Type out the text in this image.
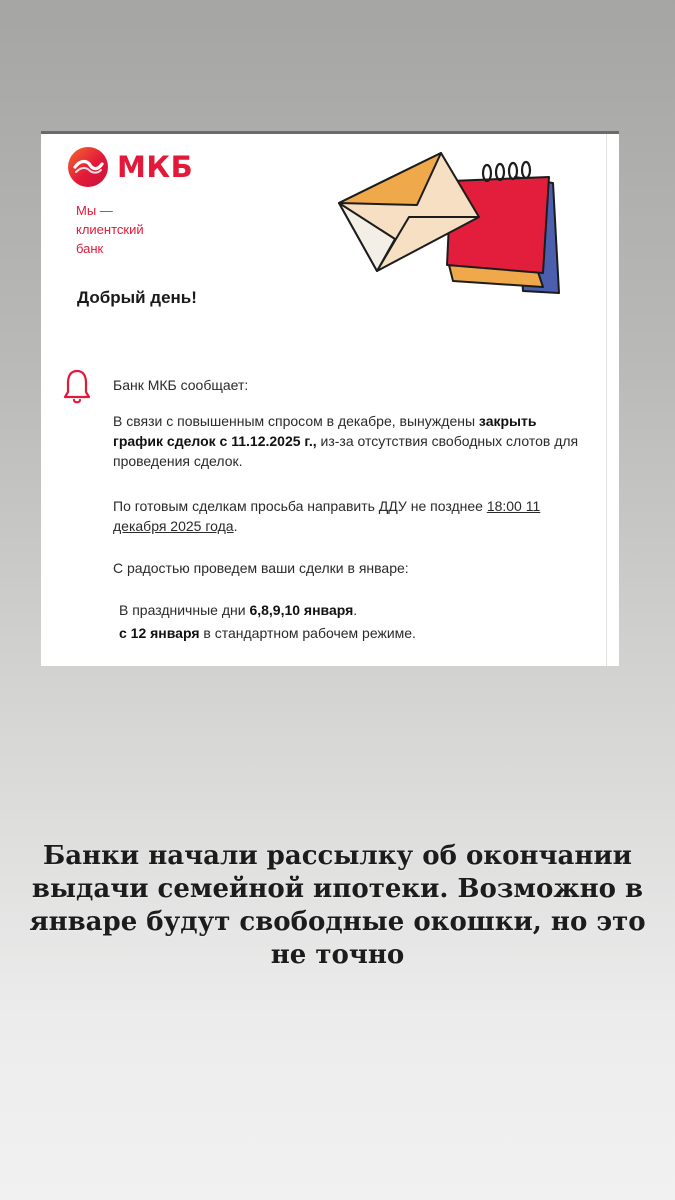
МКБ
Мы —
клиентский
банк
Добрый день!

Банк МКБ сообщает:

В связи с повышенным спросом в декабре, вынуждены закрыть график сделок с 11.12.2025 г., из-за отсутствия свободных слотов для проведения сделок.

По готовым сделкам просьба направить ДДУ не позднее 18:00 11 декабря 2025 года.

С радостью проведем ваши сделки в январе:

В праздничные дни 6,8,9,10 января.
с 12 января в стандартном рабочем режиме.
Банки начали рассылку об окончании выдачи семейной ипотеки. Возможно в январе будут свободные окошки, но это не точно
